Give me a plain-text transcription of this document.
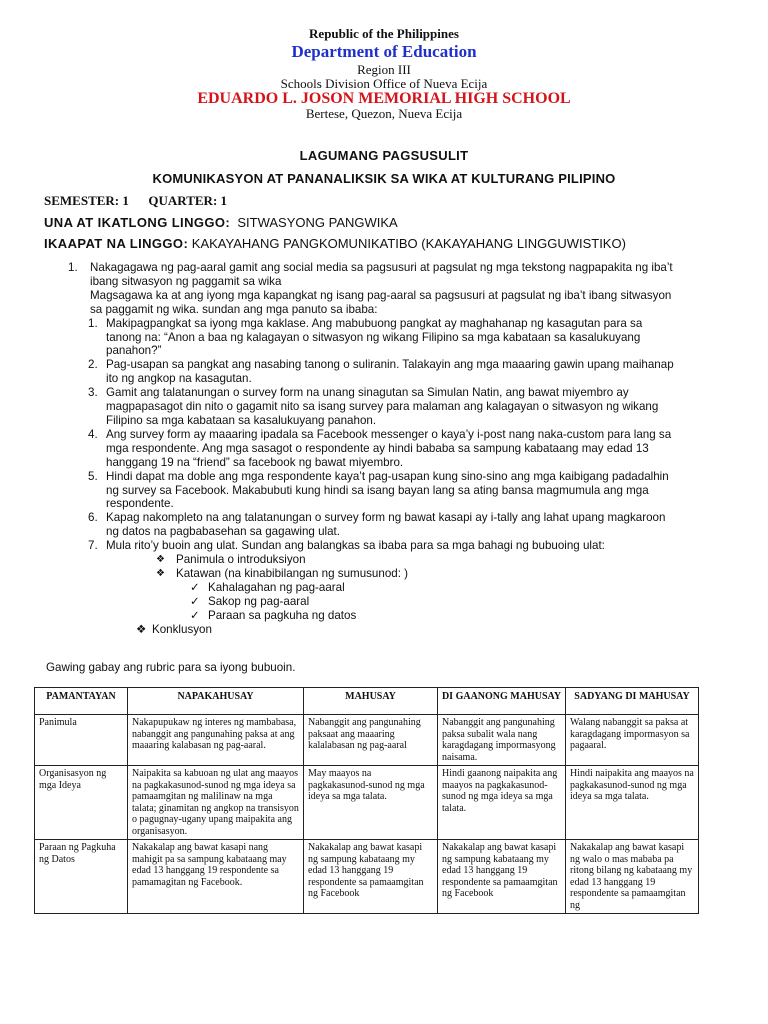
Republic of the Philippines
Department of Education
Region III
Schools Division Office of Nueva Ecija
EDUARDO L. JOSON MEMORIAL HIGH SCHOOL
Bertese, Quezon, Nueva Ecija
LAGUMANG PAGSUSULIT
KOMUNIKASYON AT PANANALIKSIK SA WIKA AT KULTURANG PILIPINO
SEMESTER: 1 QUARTER: 1
UNA AT IKATLONG LINGGO: SITWASYONG PANGWIKA
IKAAPAT NA LINGGO: KAKAYAHANG PANGKOMUNIKATIBO (KAKAYAHANG LINGGUWISTIKO)
1. Nakagagawa ng pag-aaral gamit ang social media sa pagsusuri at pagsulat ng mga tekstong nagpapakita ng iba’t
ibang sitwasyon ng paggamit sa wika
Magsagawa ka at ang iyong mga kapangkat ng isang pag-aaral sa pagsusuri at pagsulat ng iba’t ibang sitwasyon
sa paggamit ng wika. sundan ang mga panuto sa ibaba:
1. Makipagpangkat sa iyong mga kaklase. Ang mabubuong pangkat ay maghahanap ng kasagutan para sa
tanong na: “Anon a baa ng kalagayan o sitwasyon ng wikang Filipino sa mga kabataan sa kasalukuyang
panahon?”
2. Pag-usapan sa pangkat ang nasabing tanong o suliranin. Talakayin ang mga maaaring gawin upang maihanap
ito ng angkop na kasagutan.
3. Gamit ang talatanungan o survey form na unang sinagutan sa Simulan Natin, ang bawat miyembro ay
magpapasagot din nito o gagamit nito sa isang survey para malaman ang kalagayan o sitwasyon ng wikang
Filipino sa mga kabataan sa kasalukuyang panahon.
4. Ang survey form ay maaaring ipadala sa Facebook messenger o kaya’y i-post nang naka-custom para lang sa
mga respondente. Ang mga sasagot o respondente ay hindi bababa sa sampung kabataang may edad 13
hanggang 19 na “friend” sa facebook ng bawat miyembro.
5. Hindi dapat ma doble ang mga respondente kaya’t pag-usapan kung sino-sino ang mga kaibigang padadalhin
ng survey sa Facebook. Makabubuti kung hindi sa isang bayan lang sa ating bansa magmumula ang mga
respondente.
6. Kapag nakompleto na ang talatanungan o survey form ng bawat kasapi ay i-tally ang lahat upang magkaroon
ng datos na pagbabasehan sa gagawing ulat.
7. Mula rito’y buoin ang ulat. Sundan ang balangkas sa ibaba para sa mga bahagi ng bubuoing ulat:
❖ Panimula o introduksiyon
❖ Katawan (na kinabibilangan ng sumusunod: )
✓ Kahalagahan ng pag-aaral
✓ Sakop ng pag-aaral
✓ Paraan sa pagkuha ng datos
❖ Konklusyon
Gawing gabay ang rubric para sa iyong bubuoin.
PAMANTAYAN	NAPAKAHUSAY	MAHUSAY	DI GAANONG MAHUSAY	SADYANG DI MAHUSAY
Panimula	Nakapupukaw ng interes ng mambabasa, nabanggit ang pangunahing paksa at ang maaaring kalabasan ng pag-aaral.	Nabanggit ang pangunahing paksaat ang maaaring kalalabasan ng pag-aaral	Nabanggit ang pangunahing paksa subalit wala nang karagdagang impormasyong naisama.	Walang nabanggit sa paksa at karagdagang impormasyon sa pagaaral.
Organisasyon ng mga Ideya	Naipakita sa kabuoan ng ulat ang maayos na pagkakasunod-sunod ng mga ideya sa pamaamgitan ng malilinaw na mga talata; ginamitan ng angkop na transisyon o pagugnay-ugany upang maipakita ang organisasyon.	May maayos na pagkakasunod-sunod ng mga ideya sa mga talata.	Hindi gaanong naipakita ang maayos na pagkakasunod-sunod ng mga ideya sa mga talata.	Hindi naipakita ang maayos na pagkakasunod-sunod ng mga ideya sa mga talata.
Paraan ng Pagkuha ng Datos	Nakakalap ang bawat kasapi nang mahigit pa sa sampung kabataang may edad 13 hanggang 19 respondente sa pamamagitan ng Facebook.	Nakakalap ang bawat kasapi ng sampung kabataang my edad 13 hanggang 19 respondente sa pamaamgitan ng Facebook	Nakakalap ang bawat kasapi ng sampung kabataang my edad 13 hanggang 19 respondente sa pamaamgitan ng Facebook	Nakakalap ang bawat kasapi ng walo o mas mababa pa ritong bilang ng kabataang my edad 13 hanggang 19 respondente sa pamaamgitan ng
